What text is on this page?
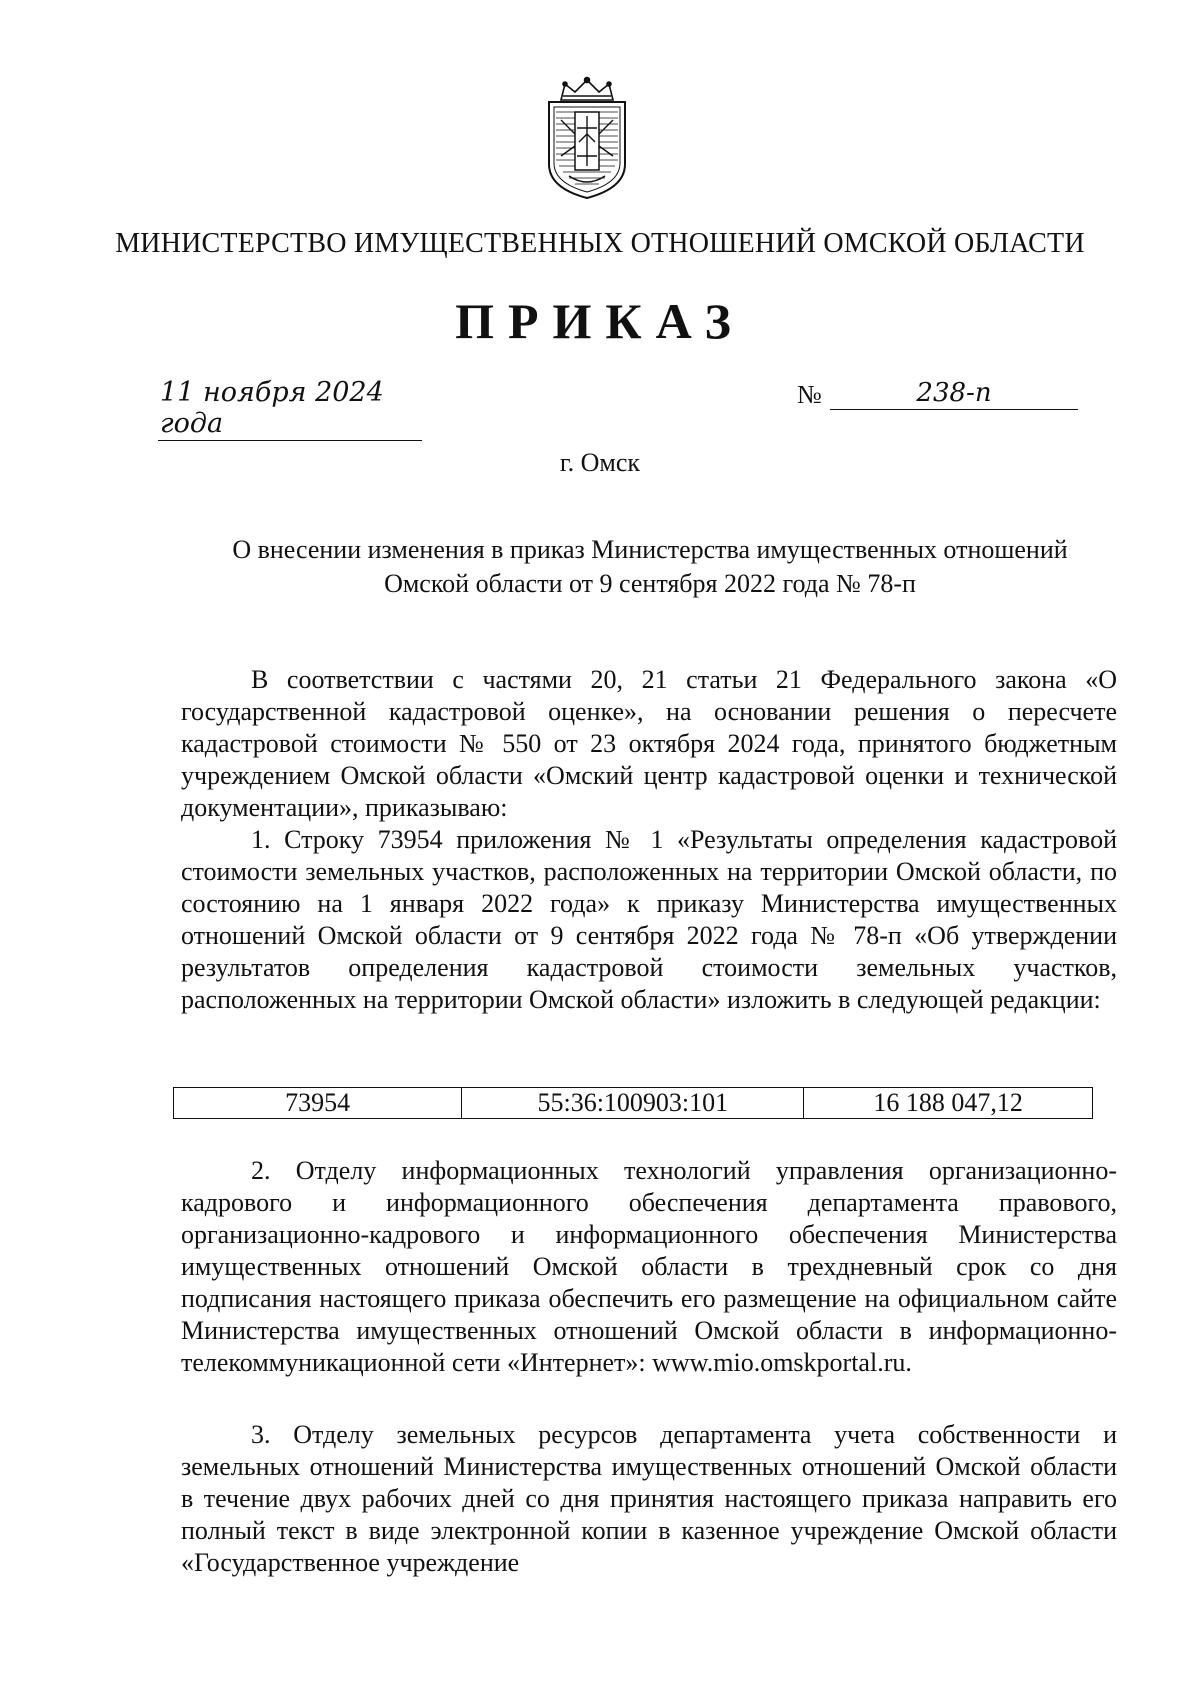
МИНИСТЕРСТВО ИМУЩЕСТВЕННЫХ ОТНОШЕНИЙ ОМСКОЙ ОБЛАСТИ
ПРИКАЗ
11 ноября 2024 года
№	238-п
г. Омск
О внесении изменения в приказ Министерства имущественных отношений
Омской области от 9 сентября 2022 года № 78-п
В соответствии с частями 20, 21 статьи 21 Федерального закона «О государственной кадастровой оценке», на основании решения о пересчете кадастровой стоимости № 550 от 23 октября 2024 года, принятого бюджетным учреждением Омской области «Омский центр кадастровой оценки и технической документации», приказываю:
1. Строку 73954 приложения № 1 «Результаты определения кадастровой стоимости земельных участков, расположенных на территории Омской области, по состоянию на 1 января 2022 года» к приказу Министерства имущественных отношений Омской области от 9 сентября 2022 года № 78-п «Об утверждении результатов определения кадастровой стоимости земельных участков, расположенных на территории Омской области» изложить в следующей редакции:
73954	55:36:100903:101	16 188 047,12
2. Отделу информационных технологий управления организационно-кадрового и информационного обеспечения департамента правового, организационно-кадрового и информационного обеспечения Министерства имущественных отношений Омской области в трехдневный срок со дня подписания настоящего приказа обеспечить его размещение на официальном сайте Министерства имущественных отношений Омской области в информационно-телекоммуникационной сети «Интернет»: www.mio.omskportal.ru.
3. Отделу земельных ресурсов департамента учета собственности и земельных отношений Министерства имущественных отношений Омской области в течение двух рабочих дней со дня принятия настоящего приказа направить его полный текст в виде электронной копии в казенное учреждение Омской области «Государственное учреждение
